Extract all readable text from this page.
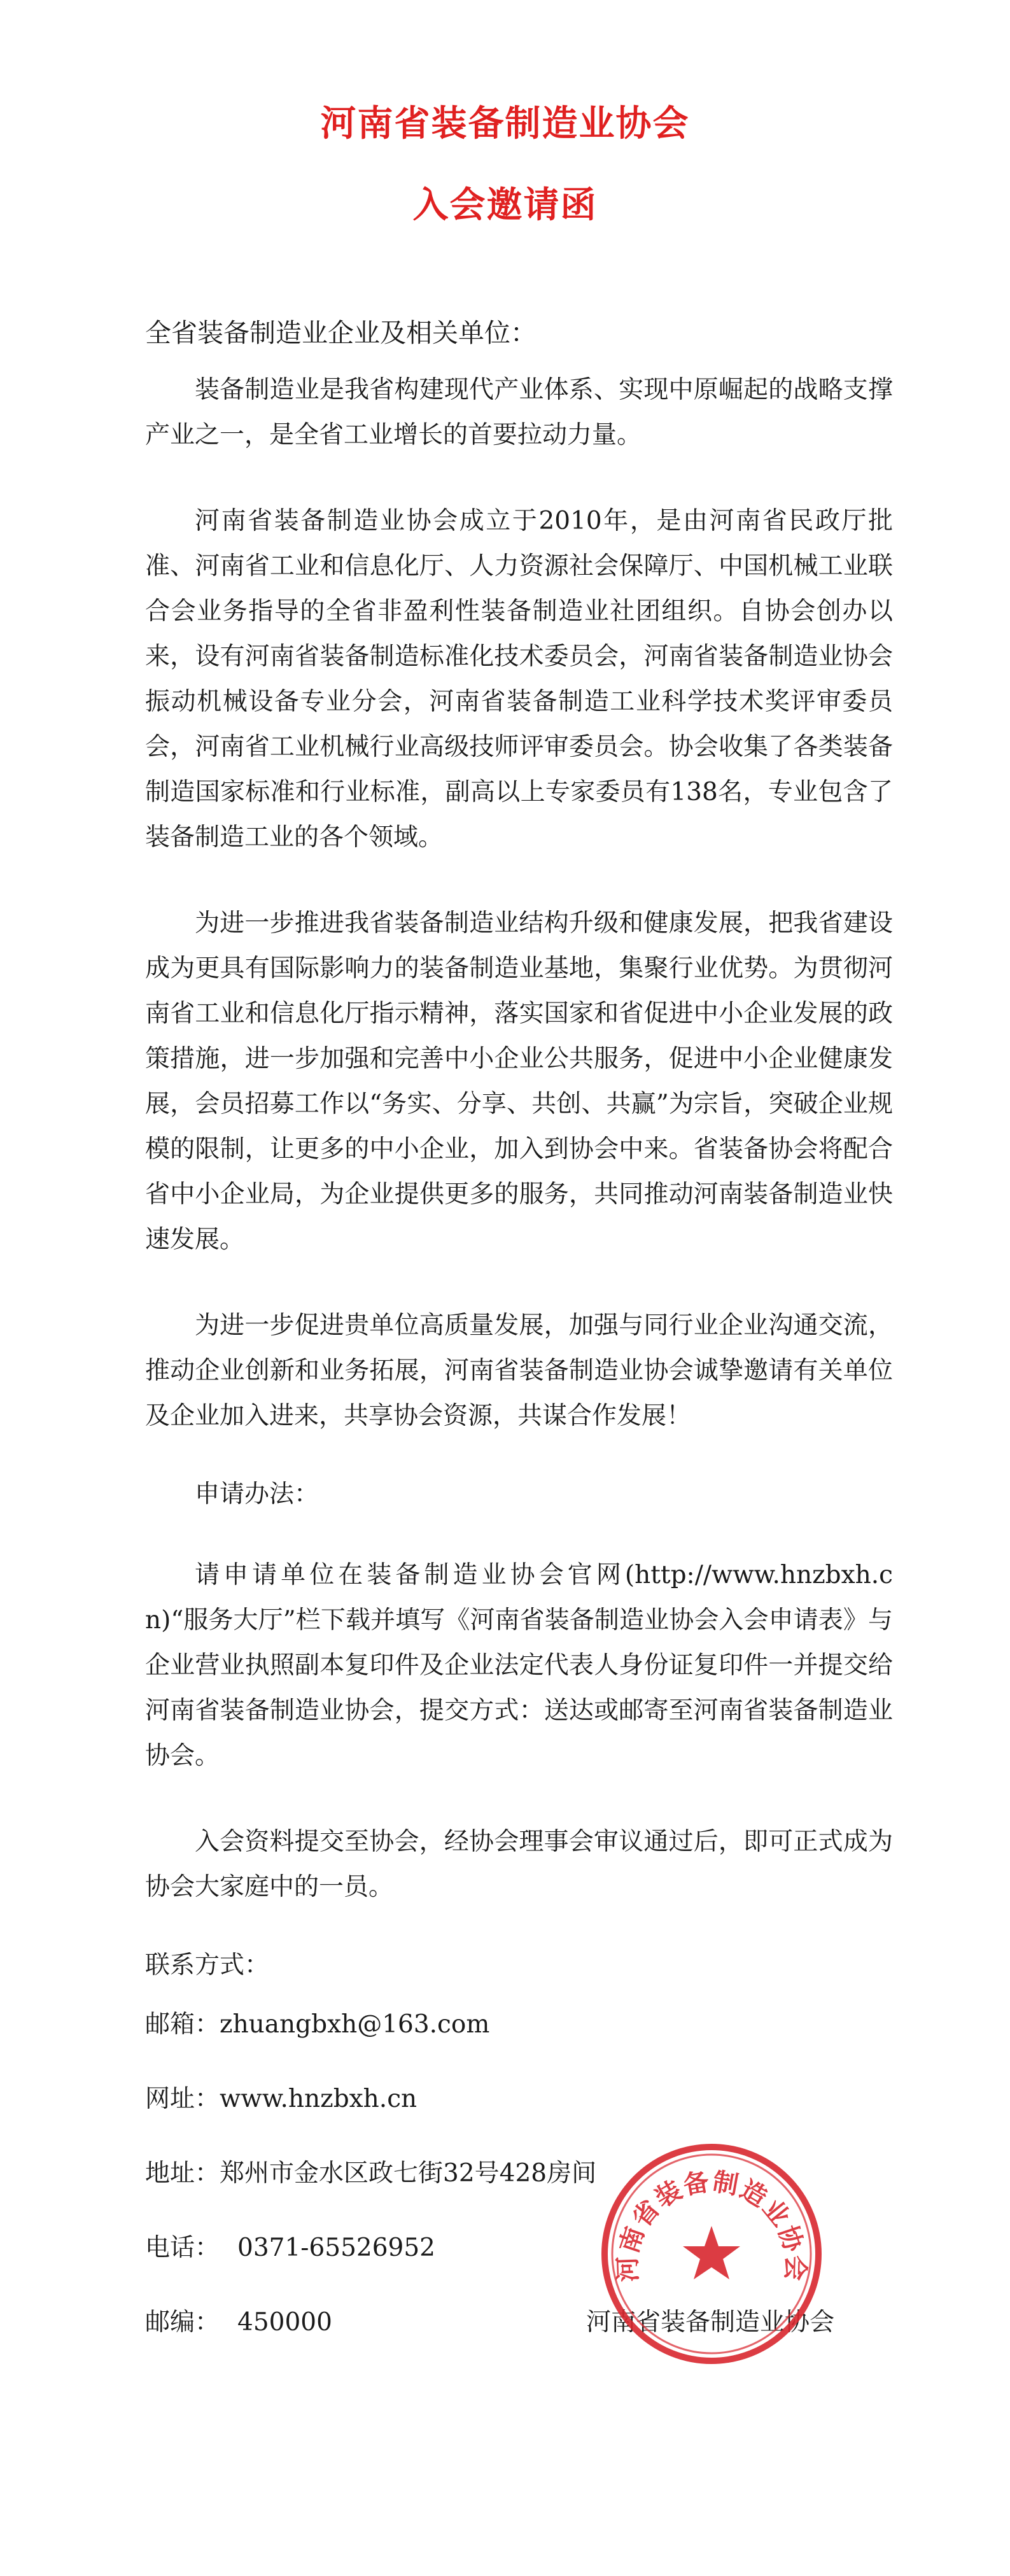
河南省装备制造业协会
入会邀请函

全省装备制造业企业及相关单位：

装备制造业是我省构建现代产业体系、实现中原崛起的战略支撑产业之一，是全省工业增长的首要拉动力量。

河南省装备制造业协会成立于2010年，是由河南省民政厅批准、河南省工业和信息化厅、人力资源社会保障厅、中国机械工业联合会业务指导的全省非盈利性装备制造业社团组织。自协会创办以来，设有河南省装备制造标准化技术委员会，河南省装备制造业协会振动机械设备专业分会，河南省装备制造工业科学技术奖评审委员会，河南省工业机械行业高级技师评审委员会。协会收集了各类装备制造国家标准和行业标准，副高以上专家委员有138名，专业包含了装备制造工业的各个领域。

为进一步推进我省装备制造业结构升级和健康发展，把我省建设成为更具有国际影响力的装备制造业基地，集聚行业优势。为贯彻河南省工业和信息化厅指示精神，落实国家和省促进中小企业发展的政策措施，进一步加强和完善中小企业公共服务，促进中小企业健康发展，会员招募工作以“务实、分享、共创、共赢”为宗旨，突破企业规模的限制，让更多的中小企业，加入到协会中来。省装备协会将配合省中小企业局，为企业提供更多的服务，共同推动河南装备制造业快速发展。

为进一步促进贵单位高质量发展，加强与同行业企业沟通交流，推动企业创新和业务拓展，河南省装备制造业协会诚挚邀请有关单位及企业加入进来，共享协会资源，共谋合作发展！

申请办法：

请申请单位在装备制造业协会官网(http://www.hnzbxh.cn)“服务大厅”栏下载并填写《河南省装备制造业协会入会申请表》与企业营业执照副本复印件及企业法定代表人身份证复印件一并提交给河南省装备制造业协会，提交方式：送达或邮寄至河南省装备制造业协会。

入会资料提交至协会，经协会理事会审议通过后，即可正式成为协会大家庭中的一员。

联系方式：

邮箱：zhuangbxh@163.com

网址：www.hnzbxh.cn

地址：郑州市金水区政七街32号428房间

电话： 0371-65526952

邮编： 450000	河南省装备制造业协会

河南省装备制造业协会
